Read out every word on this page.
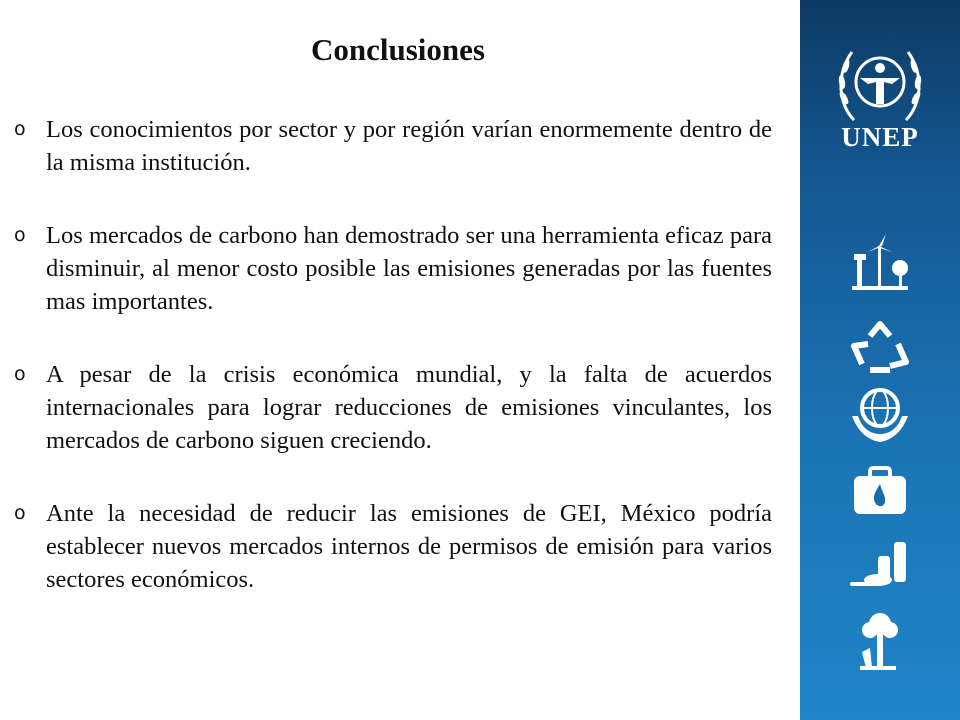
Conclusiones
o Los conocimientos por sector y por región varían enormemente dentro de la misma institución.
o Los mercados de carbono han demostrado ser una herramienta eficaz para disminuir, al menor costo posible las emisiones generadas por las fuentes mas importantes.
o A pesar de la crisis económica mundial, y la falta de acuerdos internacionales para lograr reducciones de emisiones vinculantes, los mercados de carbono siguen creciendo.
o Ante la necesidad de reducir las emisiones de GEI, México podría establecer nuevos mercados internos de permisos de emisión para varios sectores económicos.
UNEP
